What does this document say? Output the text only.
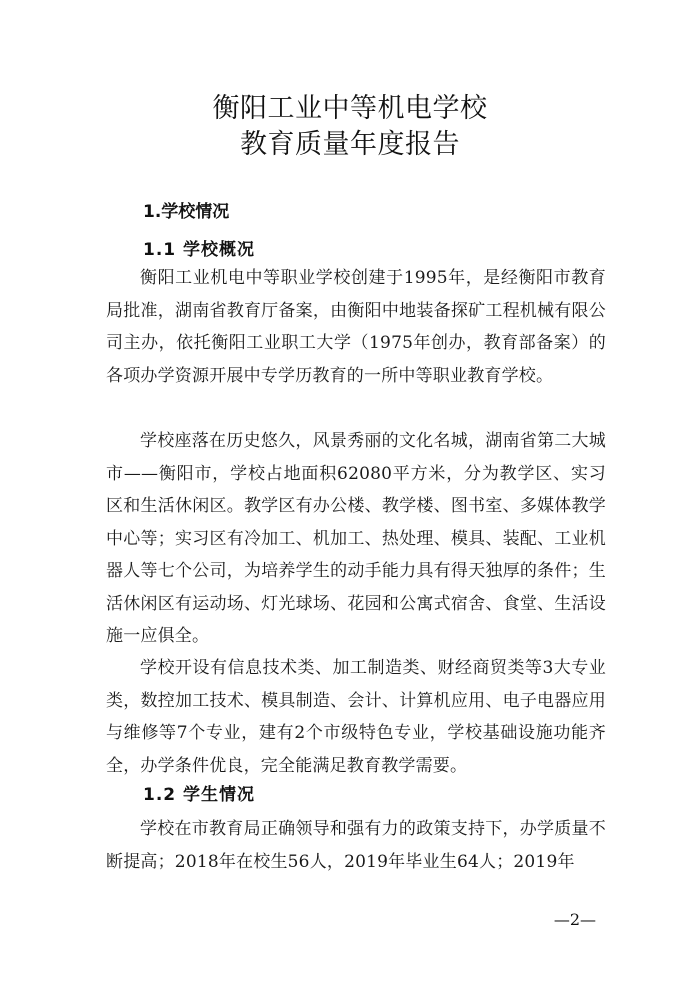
衡阳工业中等机电学校
教育质量年度报告
1.学校情况
1.1 学校概况

衡阳工业机电中等职业学校创建于1995年，是经衡阳市教育局批准，湖南省教育厅备案，由衡阳中地装备探矿工程机械有限公司主办，依托衡阳工业职工大学（1975年创办，教育部备案）的各项办学资源开展中专学历教育的一所中等职业教育学校。

学校座落在历史悠久，风景秀丽的文化名城，湖南省第二大城市——衡阳市，学校占地面积62080平方米，分为教学区、实习区和生活休闲区。教学区有办公楼、教学楼、图书室、多媒体教学中心等；实习区有冷加工、机加工、热处理、模具、装配、工业机器人等七个公司，为培养学生的动手能力具有得天独厚的条件；生活休闲区有运动场、灯光球场、花园和公寓式宿舍、食堂、生活设施一应俱全。

学校开设有信息技术类、加工制造类、财经商贸类等3大专业类，数控加工技术、模具制造、会计、计算机应用、电子电器应用与维修等7个专业，建有2个市级特色专业，学校基础设施功能齐全，办学条件优良，完全能满足教育教学需要。

1.2 学生情况

学校在市教育局正确领导和强有力的政策支持下，办学质量不断提高；2018年在校生56人，2019年毕业生64人；2019年

—2—
